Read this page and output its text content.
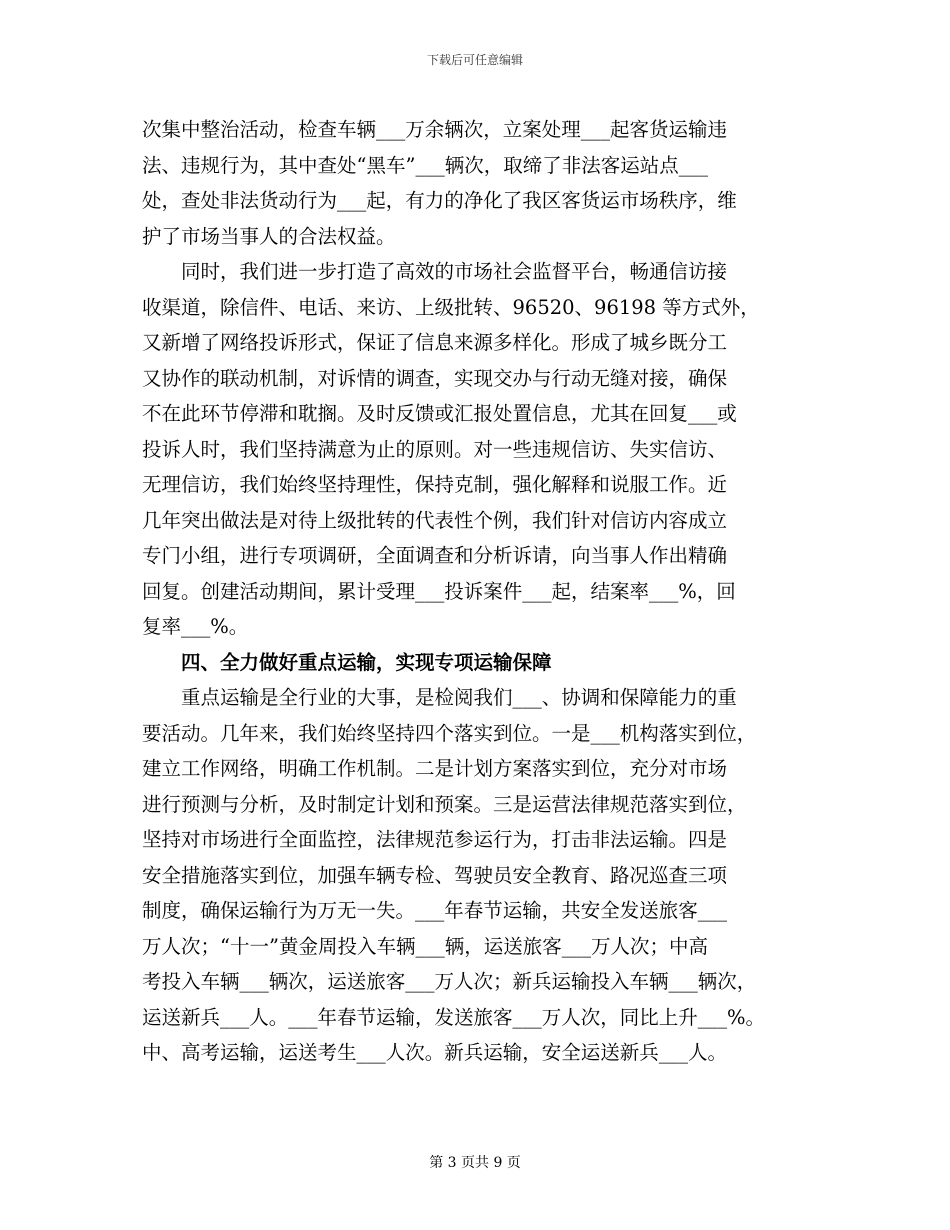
下载后可任意编辑
次集中整治活动，检查车辆___万余辆次，立案处理___起客货运输违
法、违规行为，其中查处“黑车”___辆次，取缔了非法客运站点___
处，查处非法货动行为___起，有力的净化了我区客货运市场秩序，维
护了市场当事人的合法权益。
　　同时，我们进一步打造了高效的市场社会监督平台，畅通信访接
收渠道，除信件、电话、来访、上级批转、96520、96198 等方式外，
又新增了网络投诉形式，保证了信息来源多样化。形成了城乡既分工
又协作的联动机制，对诉情的调查，实现交办与行动无缝对接，确保
不在此环节停滞和耽搁。及时反馈或汇报处置信息，尤其在回复___或
投诉人时，我们坚持满意为止的原则。对一些违规信访、失实信访、
无理信访，我们始终坚持理性，保持克制，强化解释和说服工作。近
几年突出做法是对待上级批转的代表性个例，我们针对信访内容成立
专门小组，进行专项调研，全面调查和分析诉请，向当事人作出精确
回复。创建活动期间，累计受理___投诉案件___起，结案率___%，回
复率___%。
　　四、全力做好重点运输，实现专项运输保障
　　重点运输是全行业的大事，是检阅我们___、协调和保障能力的重
要活动。几年来，我们始终坚持四个落实到位。一是___机构落实到位，
建立工作网络，明确工作机制。二是计划方案落实到位，充分对市场
进行预测与分析，及时制定计划和预案。三是运营法律规范落实到位，
坚持对市场进行全面监控，法律规范参运行为，打击非法运输。四是
安全措施落实到位，加强车辆专检、驾驶员安全教育、路况巡查三项
制度，确保运输行为万无一失。___年春节运输，共安全发送旅客___
万人次；“十一”黄金周投入车辆___辆，运送旅客___万人次；中高
考投入车辆___辆次，运送旅客___万人次；新兵运输投入车辆___辆次，
运送新兵___人。___年春节运输，发送旅客___万人次，同比上升___%。
中、高考运输，运送考生___人次。新兵运输，安全运送新兵___人。
第 3 页共 9 页
